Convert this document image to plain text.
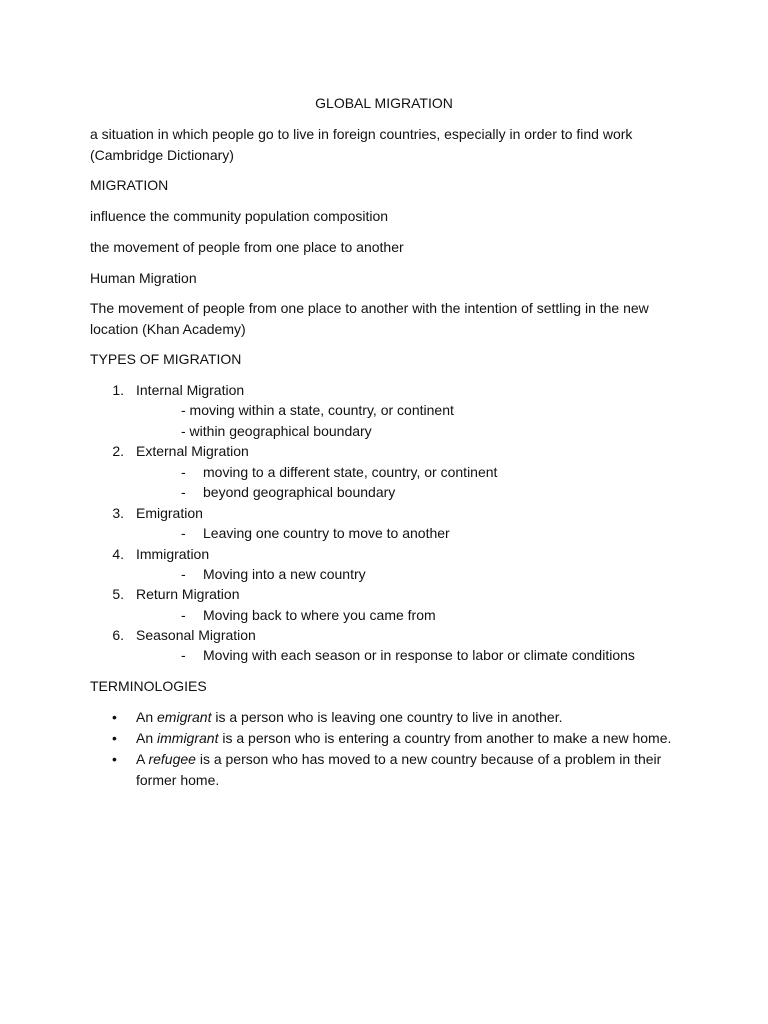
GLOBAL MIGRATION
a situation in which people go to live in foreign countries, especially in order to find work
(Cambridge Dictionary)
MIGRATION
influence the community population composition
the movement of people from one place to another
Human Migration
The movement of people from one place to another with the intention of settling in the new
location (Khan Academy)
TYPES OF MIGRATION
1. Internal Migration
- moving within a state, country, or continent
- within geographical boundary
2. External Migration
- moving to a different state, country, or continent
- beyond geographical boundary
3. Emigration
- Leaving one country to move to another
4. Immigration
- Moving into a new country
5. Return Migration
- Moving back to where you came from
6. Seasonal Migration
- Moving with each season or in response to labor or climate conditions
TERMINOLOGIES
• An emigrant is a person who is leaving one country to live in another.
• An immigrant is a person who is entering a country from another to make a new home.
• A refugee is a person who has moved to a new country because of a problem in their
former home.
